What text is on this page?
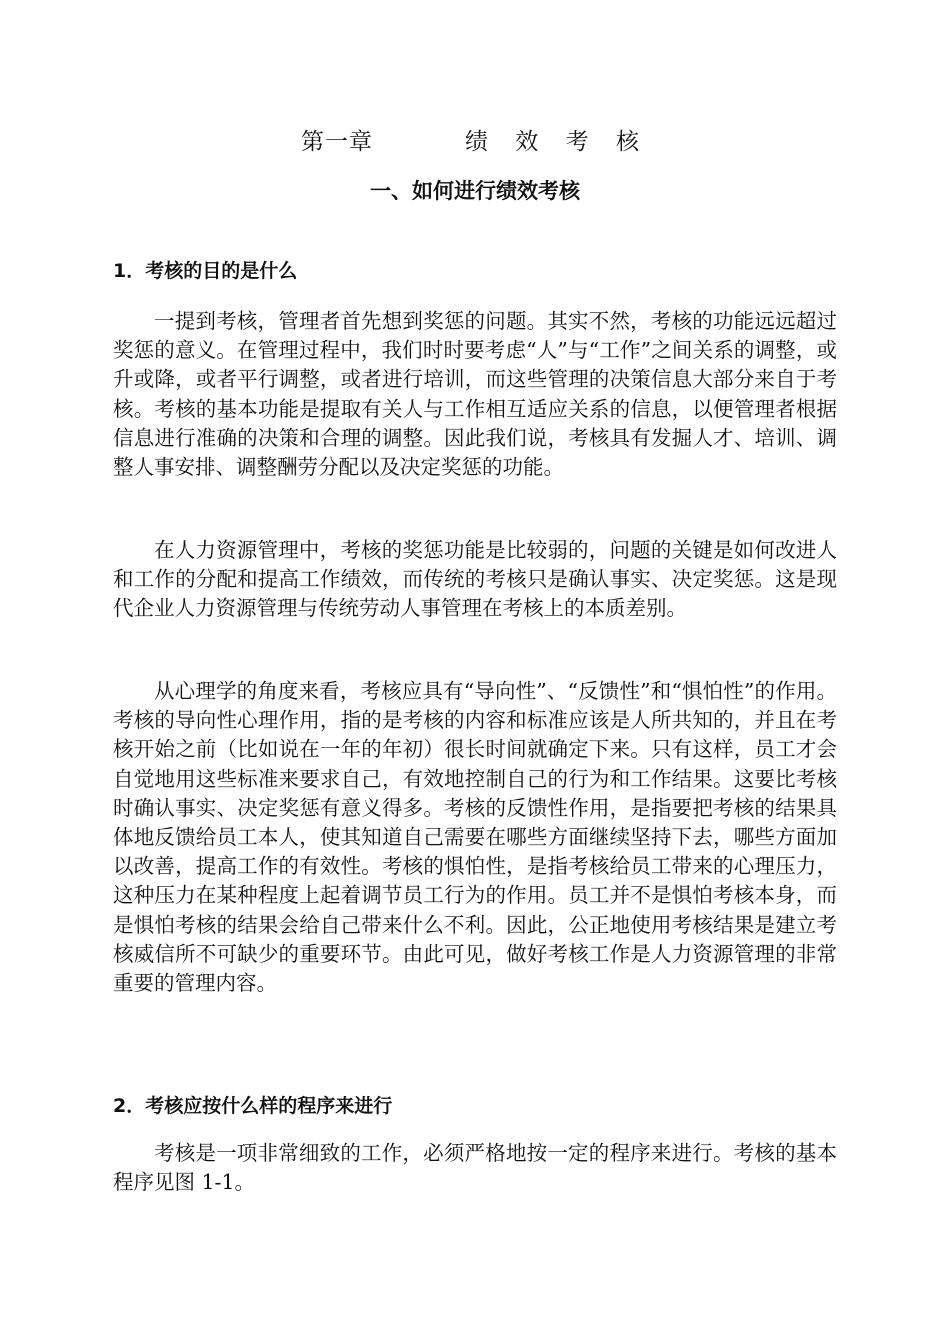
第一章	绩 效 考 核
一、如何进行绩效考核
1．考核的目的是什么

一提到考核，管理者首先想到奖惩的问题。其实不然，考核的功能远远超过奖惩的意义。在管理过程中，我们时时要考虑“人”与“工作”之间关系的调整，或升或降，或者平行调整，或者进行培训，而这些管理的决策信息大部分来自于考核。考核的基本功能是提取有关人与工作相互适应关系的信息，以便管理者根据信息进行准确的决策和合理的调整。因此我们说，考核具有发掘人才、培训、调整人事安排、调整酬劳分配以及决定奖惩的功能。

在人力资源管理中，考核的奖惩功能是比较弱的，问题的关键是如何改进人和工作的分配和提高工作绩效，而传统的考核只是确认事实、决定奖惩。这是现代企业人力资源管理与传统劳动人事管理在考核上的本质差别。

从心理学的角度来看，考核应具有“导向性”、“反馈性”和“惧怕性”的作用。考核的导向性心理作用，指的是考核的内容和标准应该是人所共知的，并且在考核开始之前（比如说在一年的年初）很长时间就确定下来。只有这样，员工才会自觉地用这些标准来要求自己，有效地控制自己的行为和工作结果。这要比考核时确认事实、决定奖惩有意义得多。考核的反馈性作用，是指要把考核的结果具体地反馈给员工本人，使其知道自己需要在哪些方面继续坚持下去，哪些方面加以改善，提高工作的有效性。考核的惧怕性，是指考核给员工带来的心理压力，这种压力在某种程度上起着调节员工行为的作用。员工并不是惧怕考核本身，而是惧怕考核的结果会给自己带来什么不利。因此，公正地使用考核结果是建立考核威信所不可缺少的重要环节。由此可见，做好考核工作是人力资源管理的非常重要的管理内容。

2．考核应按什么样的程序来进行

考核是一项非常细致的工作，必须严格地按一定的程序来进行。考核的基本程序见图 1-1。
